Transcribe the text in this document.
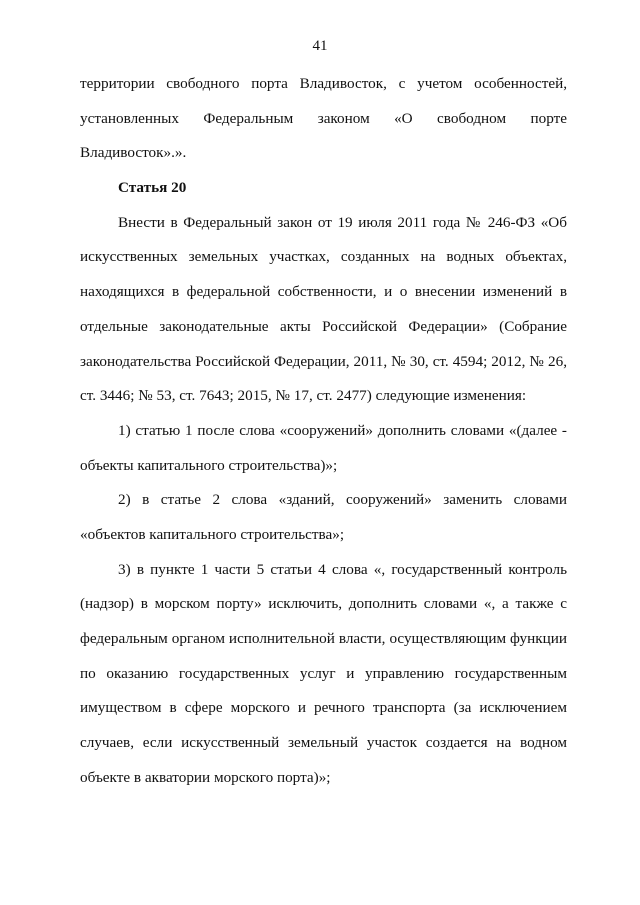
41
территории свободного порта Владивосток, с учетом особенностей,
установленных Федеральным законом «О свободном порте
Владивосток».».
Статья 20
Внести в Федеральный закон от 19 июля 2011 года № 246-ФЗ «Об
искусственных земельных участках, созданных на водных объектах,
находящихся в федеральной собственности, и о внесении изменений в
отдельные законодательные акты Российской Федерации» (Собрание
законодательства Российской Федерации, 2011, № 30, ст. 4594; 2012, № 26,
ст. 3446; № 53, ст. 7643; 2015, № 17, ст. 2477) следующие изменения:
1) статью 1 после слова «сооружений» дополнить словами «(далее -
объекты капитального строительства)»;
2) в статье 2 слова «зданий, сооружений» заменить словами
«объектов капитального строительства»;
3) в пункте 1 части 5 статьи 4 слова «, государственный контроль
(надзор) в морском порту» исключить, дополнить словами «, а также с
федеральным органом исполнительной власти, осуществляющим функции
по оказанию государственных услуг и управлению государственным
имуществом в сфере морского и речного транспорта (за исключением
случаев, если искусственный земельный участок создается на водном
объекте в акватории морского порта)»;
